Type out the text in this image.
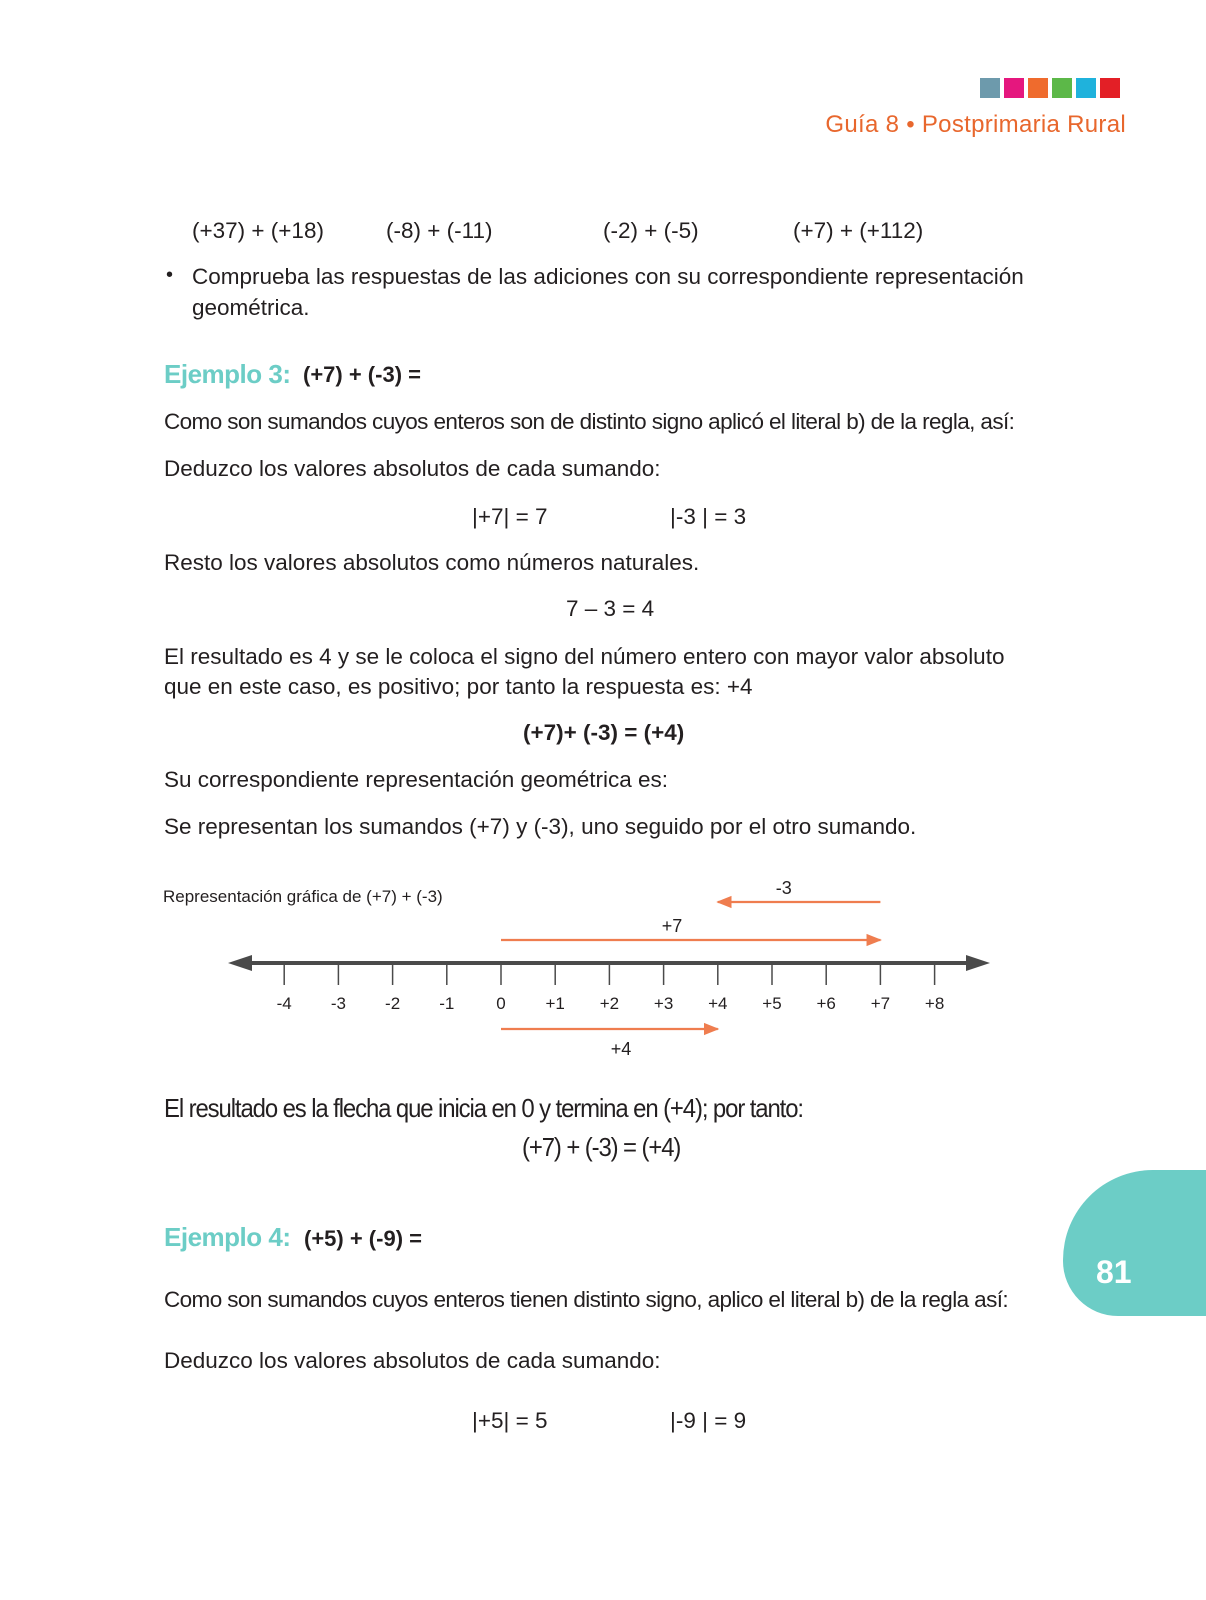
Guía 8 • Postprimaria Rural
(+37) + (+18)	(-8) + (-11)	(-2) + (-5)	(+7) + (+112)
• Comprueba las respuestas de las adiciones con su correspondiente representación
geométrica.
Ejemplo 3: (+7) + (-3) =
Como son sumandos cuyos enteros son de distinto signo aplicó el literal b) de la regla, así:
Deduzco los valores absolutos de cada sumando:
|+7| = 7	|-3 | = 3
Resto los valores absolutos como números naturales.
7 – 3 = 4
El resultado es 4 y se le coloca el signo del número entero con mayor valor absoluto
que en este caso, es positivo; por tanto la respuesta es: +4
(+7)+ (-3) = (+4)
Su correspondiente representación geométrica es:
Se representan los sumandos (+7) y (-3), uno seguido por el otro sumando.
Representación gráfica de (+7) + (-3)
-4 -3 -2 -1 0 +1 +2 +3 +4 +5 +6 +7 +8
+7
-3
+4
El resultado es la flecha que inicia en 0 y termina en (+4); por tanto:
(+7) + (-3) = (+4)
Ejemplo 4: (+5) + (-9) =
Como son sumandos cuyos enteros tienen distinto signo, aplico el literal b) de la regla así:
Deduzco los valores absolutos de cada sumando:
|+5| = 5	|-9 | = 9
81
